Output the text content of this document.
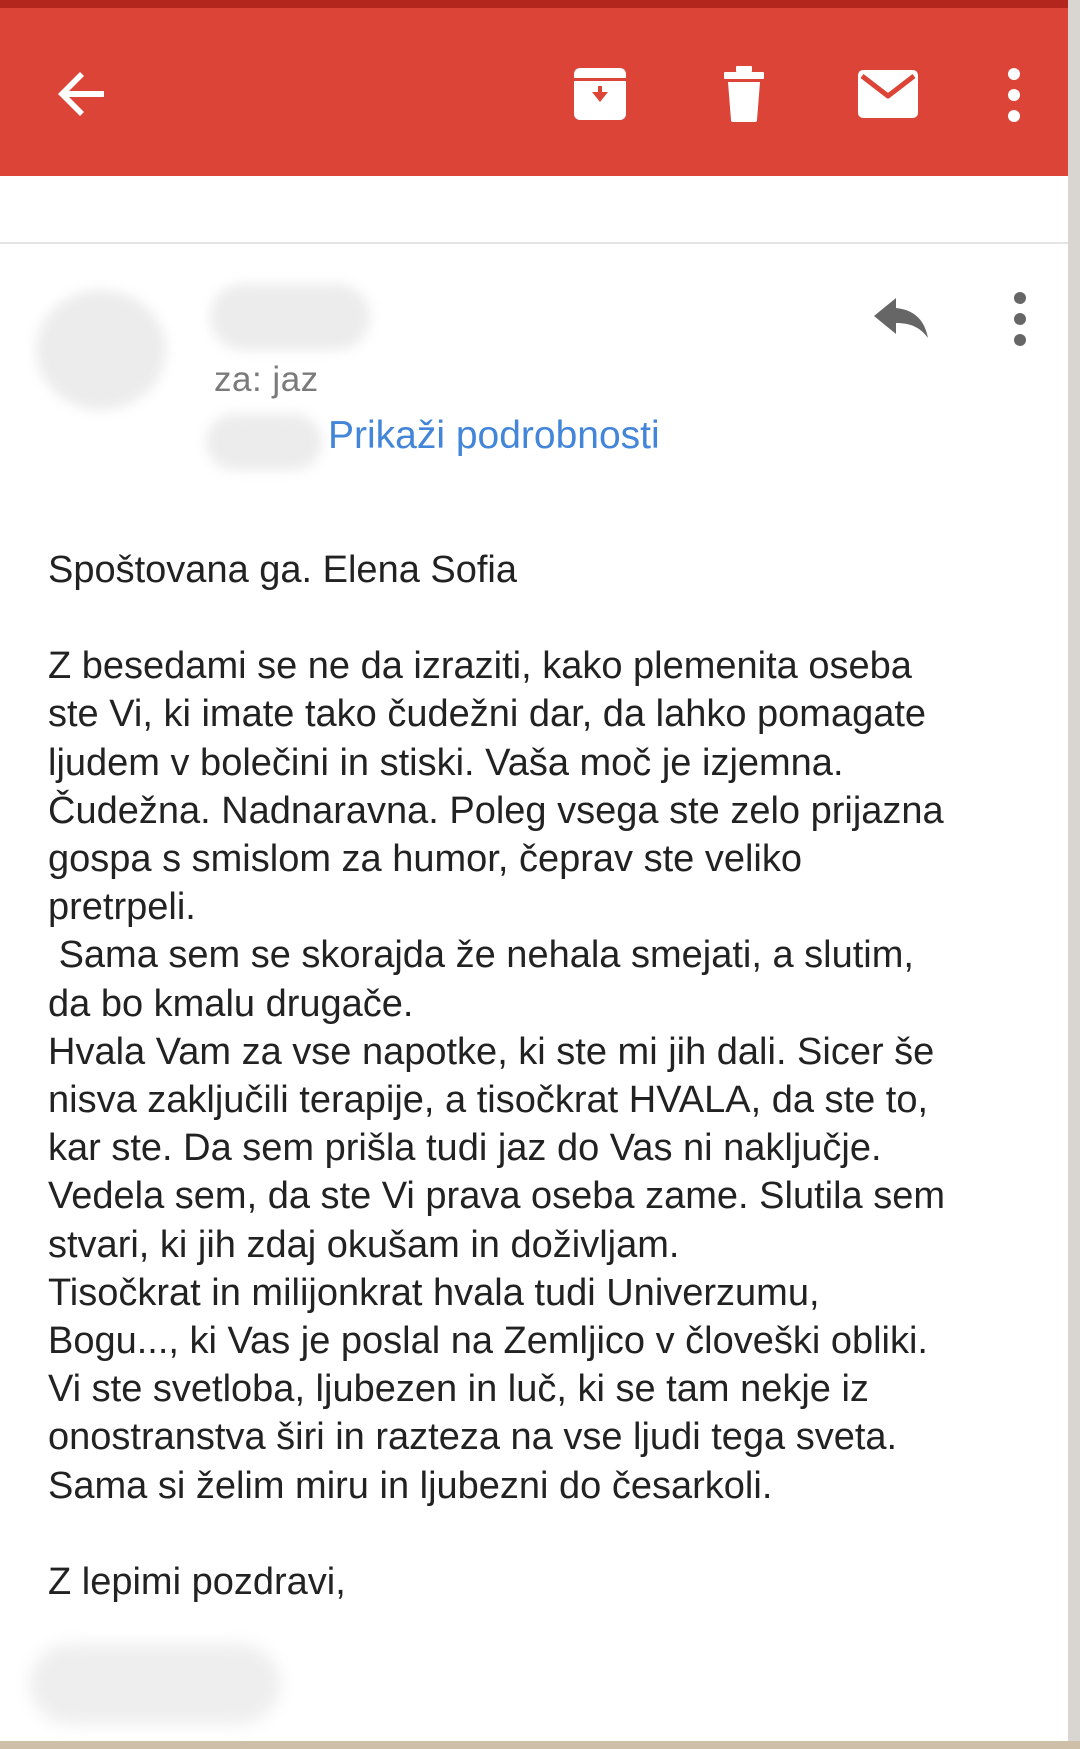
za: jaz
Prikaži podrobnosti

Spoštovana ga. Elena Sofia

Z besedami se ne da izraziti, kako plemenita oseba

ste Vi, ki imate tako čudežni dar, da lahko pomagate

ljudem v bolečini in stiski. Vaša moč je izjemna.

Čudežna. Nadnaravna. Poleg vsega ste zelo prijazna

gospa s smislom za humor, čeprav ste veliko

pretrpeli.

Sama sem se skorajda že nehala smejati, a slutim,

da bo kmalu drugače.

Hvala Vam za vse napotke, ki ste mi jih dali. Sicer še

nisva zaključili terapije, a tisočkrat HVALA, da ste to,

kar ste. Da sem prišla tudi jaz do Vas ni naključje.

Vedela sem, da ste Vi prava oseba zame. Slutila sem

stvari, ki jih zdaj okušam in doživljam.

Tisočkrat in milijonkrat hvala tudi Univerzumu,

Bogu..., ki Vas je poslal na Zemljico v človeški obliki.

Vi ste svetloba, ljubezen in luč, ki se tam nekje iz

onostranstva širi in razteza na vse ljudi tega sveta.

Sama si želim miru in ljubezni do česarkoli.

Z lepimi pozdravi,
